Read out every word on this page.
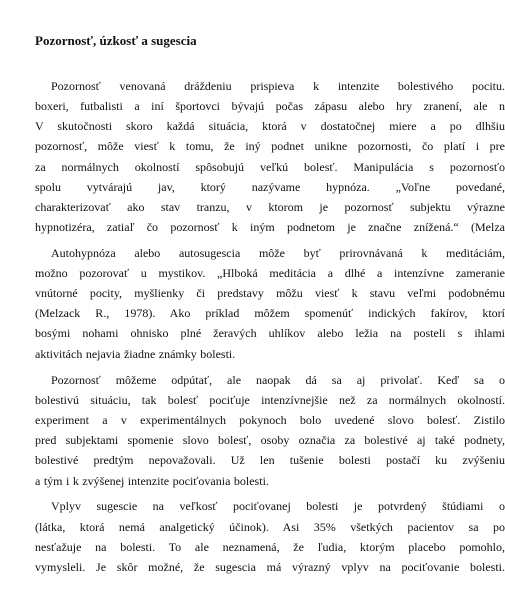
Pozornosť, úzkosť a sugescia
Pozornosť venovaná dráždeniu prispieva k intenzite bolestivého pocitu.
boxeri, futbalisti a iní športovci bývajú počas zápasu alebo hry zranení, ale n
V skutočnosti skoro každá situácia, ktorá v dostatočnej miere a po dlhšiu
pozornosť, môže viesť k tomu, že iný podnet unikne pozornosti, čo platí i pre
za normálnych okolností spôsobujú veľkú bolesť. Manipulácia s pozornosťo
spolu vytvárajú jav, ktorý nazývame hypnóza. „Voľne povedané,
charakterizovať ako stav tranzu, v ktorom je pozornosť subjektu výrazne
hypnotizéra, zatiaľ čo pozornosť k iným podnetom je značne znížená.“ (Melza
Autohypnóza alebo autosugescia môže byť prirovnávaná k meditáciám,
možno pozorovať u mystikov. „Hlboká meditácia a dlhé a intenzívne zameranie
vnútorné pocity, myšlienky či predstavy môžu viesť k stavu veľmi podobnému
(Melzack R., 1978). Ako príklad môžem spomenúť indických fakírov, ktorí
bosými nohami ohnisko plné žeravých uhlíkov alebo ležia na posteli s ihlami
aktivitách nejavia žiadne známky bolesti.
Pozornosť môžeme odpútať, ale naopak dá sa aj privolať. Keď sa o
bolestivú situáciu, tak bolesť pociťuje intenzívnejšie než za normálnych okolností.
experiment a v experimentálnych pokynoch bolo uvedené slovo bolesť. Zistilo
pred subjektami spomenie slovo bolesť, osoby označia za bolestivé aj také podnety,
bolestivé predtým nepovažovali. Už len tušenie bolesti postačí ku zvýšeniu
a tým i k zvýšenej intenzite pociťovania bolesti.
Vplyv sugescie na veľkosť pociťovanej bolesti je potvrdený štúdiami o
(látka, ktorá nemá analgetický účinok). Asi 35% všetkých pacientov sa po
nesťažuje na bolesti. To ale neznamená, že ľudia, ktorým placebo pomohlo,
vymysleli. Je skôr možné, že sugescia má výrazný vplyv na pociťovanie bolesti.
